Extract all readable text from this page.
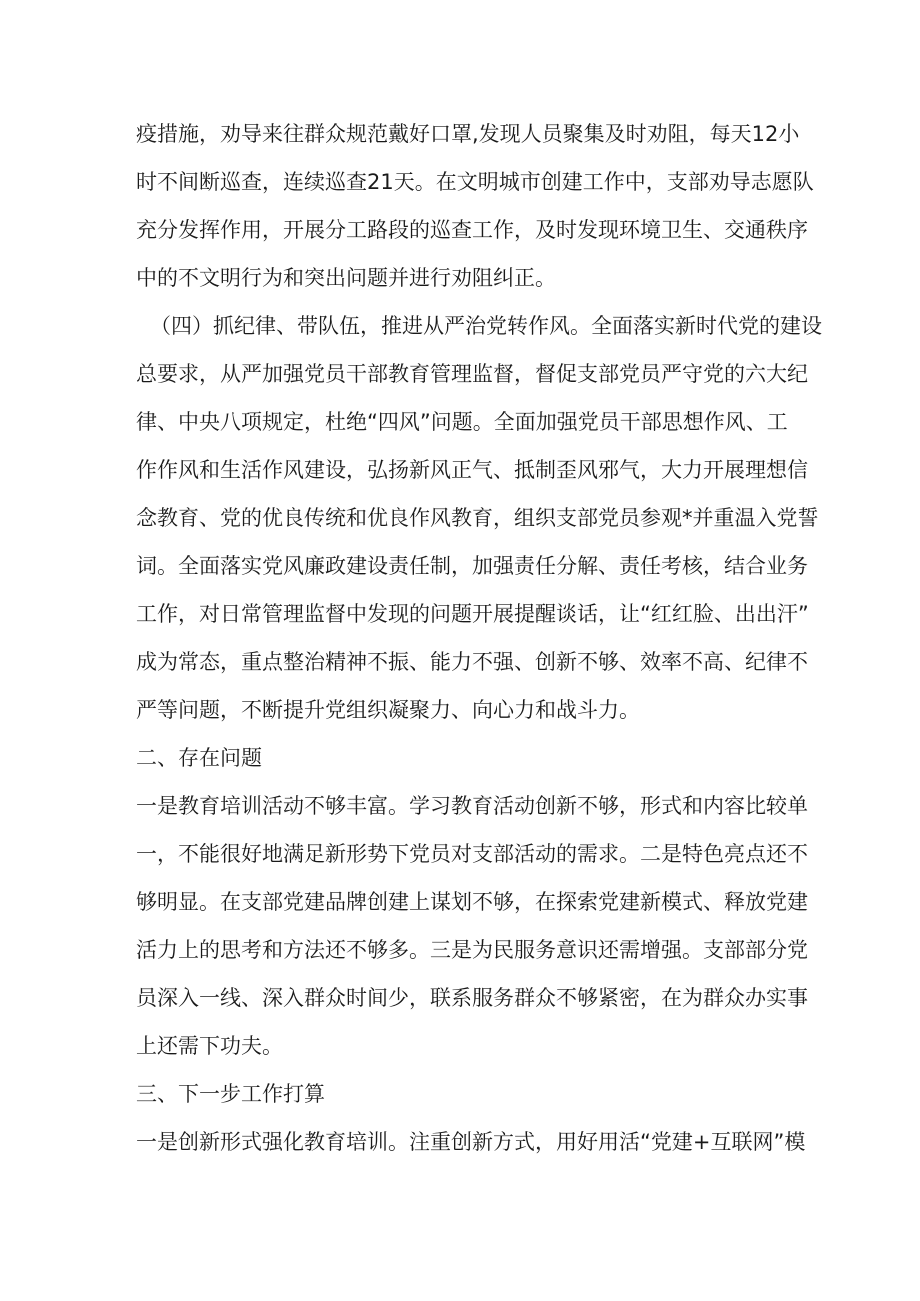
疫措施，劝导来往群众规范戴好口罩,发现人员聚集及时劝阻，每天12小
时不间断巡查，连续巡查21天。在文明城市创建工作中，支部劝导志愿队
充分发挥作用，开展分工路段的巡查工作，及时发现环境卫生、交通秩序
中的不文明行为和突出问题并进行劝阻纠正。
（四）抓纪律、带队伍，推进从严治党转作风。全面落实新时代党的建设
总要求，从严加强党员干部教育管理监督，督促支部党员严守党的六大纪
律、中央八项规定，杜绝“四风”问题。全面加强党员干部思想作风、工
作作风和生活作风建设，弘扬新风正气、抵制歪风邪气，大力开展理想信
念教育、党的优良传统和优良作风教育，组织支部党员参观*并重温入党誓
词。全面落实党风廉政建设责任制，加强责任分解、责任考核，结合业务
工作，对日常管理监督中发现的问题开展提醒谈话，让“红红脸、出出汗”
成为常态，重点整治精神不振、能力不强、创新不够、效率不高、纪律不
严等问题，不断提升党组织凝聚力、向心力和战斗力。
二、存在问题
一是教育培训活动不够丰富。学习教育活动创新不够，形式和内容比较单
一，不能很好地满足新形势下党员对支部活动的需求。二是特色亮点还不
够明显。在支部党建品牌创建上谋划不够，在探索党建新模式、释放党建
活力上的思考和方法还不够多。三是为民服务意识还需增强。支部部分党
员深入一线、深入群众时间少，联系服务群众不够紧密，在为群众办实事
上还需下功夫。
三、下一步工作打算
一是创新形式强化教育培训。注重创新方式，用好用活“党建+互联网”模
